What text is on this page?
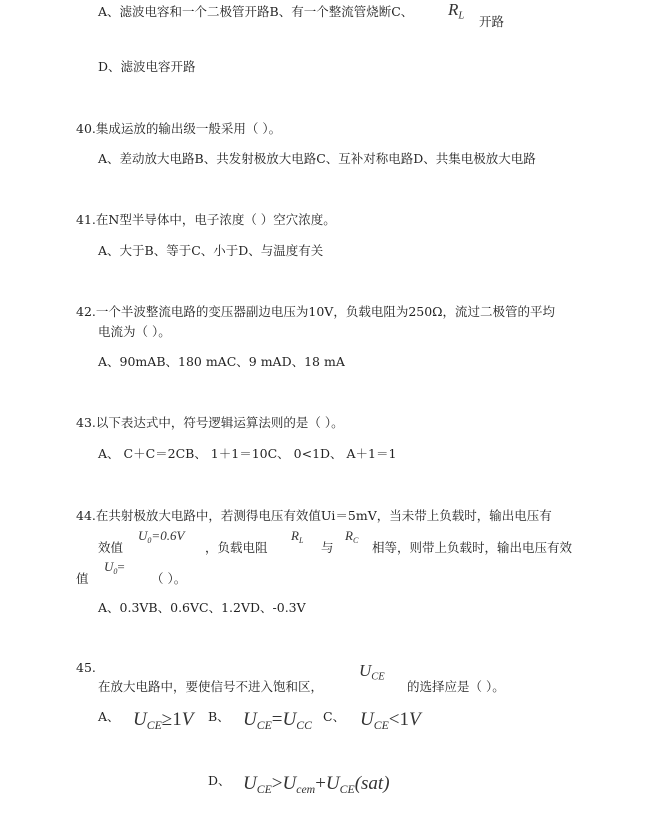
A、滤波电容和一个二极管开路B、有一个整流管烧断C、 $R_L$ 开路
D、滤波电容开路
40.集成运放的输出级一般采用（ ）。
A、差动放大电路B、共发射极放大电路C、互补对称电路D、共集电极放大电路
41.在N型半导体中，电子浓度（ ）空穴浓度。
A、大于B、等于C、小于D、与温度有关
42.一个半波整流电路的变压器副边电压为10V，负载电阻为250Ω，流过二极管的平均
电流为（ ）。
A、90mAB、180 mAC、9 mAD、18 mA
43.以下表达式中，符号逻辑运算法则的是（ ）。
A、 C＋C＝2CB、 1＋1＝10C、 0<1D、 A＋1＝1
44.在共射极放大电路中，若测得电压有效值Ui＝5mV，当未带上负载时，输出电压有
效值
$U_0=0.6V$
，负载电阻
$R_L$ 与
$R_C$ 相等，则带上负载时，输出电压有效
值
$U_0=$
（ ）。
A、0.3VB、0.6VC、1.2VD、-0.3V
45.
在放大电路中，要使信号不进入饱和区，
$U_{CE}$
的选择应是（ ）。
A、 $U_{CE}\ge 1V$ B、 $U_{CE}=U_{CC}$
C、 $U_{CE}<1V$
D、 $U_{CE}>U_{cem}+U_{CE}(sat)$
